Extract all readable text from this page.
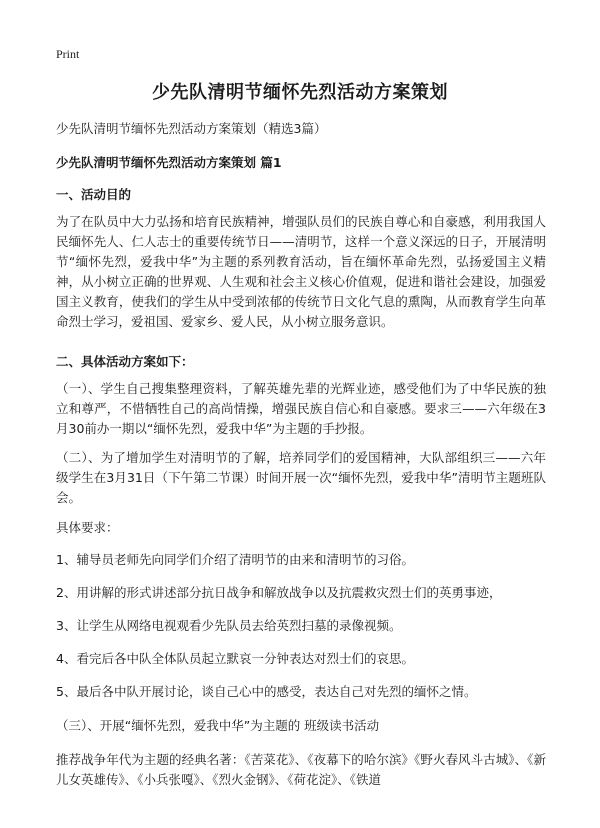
Print
少先队清明节缅怀先烈活动方案策划
少先队清明节缅怀先烈活动方案策划（精选3篇）
少先队清明节缅怀先烈活动方案策划 篇1
一、活动目的

为了在队员中大力弘扬和培育民族精神，增强队员们的民族自尊心和自豪感，利用我国人民缅怀先人、仁人志士的重要传统节日——清明节，这样一个意义深远的日子，开展清明节“缅怀先烈，爱我中华”为主题的系列教育活动，旨在缅怀革命先烈，弘扬爱国主义精神，从小树立正确的世界观、人生观和社会主义核心价值观，促进和谐社会建设，加强爱国主义教育，使我们的学生从中受到浓郁的传统节日文化气息的熏陶，从而教育学生向革命烈士学习，爱祖国、爱家乡、爱人民，从小树立服务意识。

二、具体活动方案如下：

（一）、学生自己搜集整理资料，了解英雄先辈的光辉业迹，感受他们为了中华民族的独立和尊严，不惜牺牲自己的高尚情操，增强民族自信心和自豪感。要求三——六年级在3月30前办一期以“缅怀先烈，爱我中华”为主题的手抄报。

（二）、为了增加学生对清明节的了解，培养同学们的爱国精神，大队部组织三——六年级学生在3月31日（下午第二节课）时间开展一次“缅怀先烈，爱我中华”清明节主题班队会。

具体要求：
1、辅导员老师先向同学们介绍了清明节的由来和清明节的习俗。
2、用讲解的形式讲述部分抗日战争和解放战争以及抗震救灾烈士们的英勇事迹，
3、让学生从网络电视观看少先队员去给英烈扫墓的录像视频。
4、看完后各中队全体队员起立默哀一分钟表达对烈士们的哀思。
5、最后各中队开展讨论，谈自己心中的感受，表达自己对先烈的缅怀之情。
（三）、开展“缅怀先烈，爱我中华”为主题的 班级读书活动

推荐战争年代为主题的经典名著：《苦菜花》、《夜幕下的哈尔滨》《野火春风斗古城》、《新儿女英雄传》、《小兵张嘎》、《烈火金钢》、《荷花淀》、《铁道
